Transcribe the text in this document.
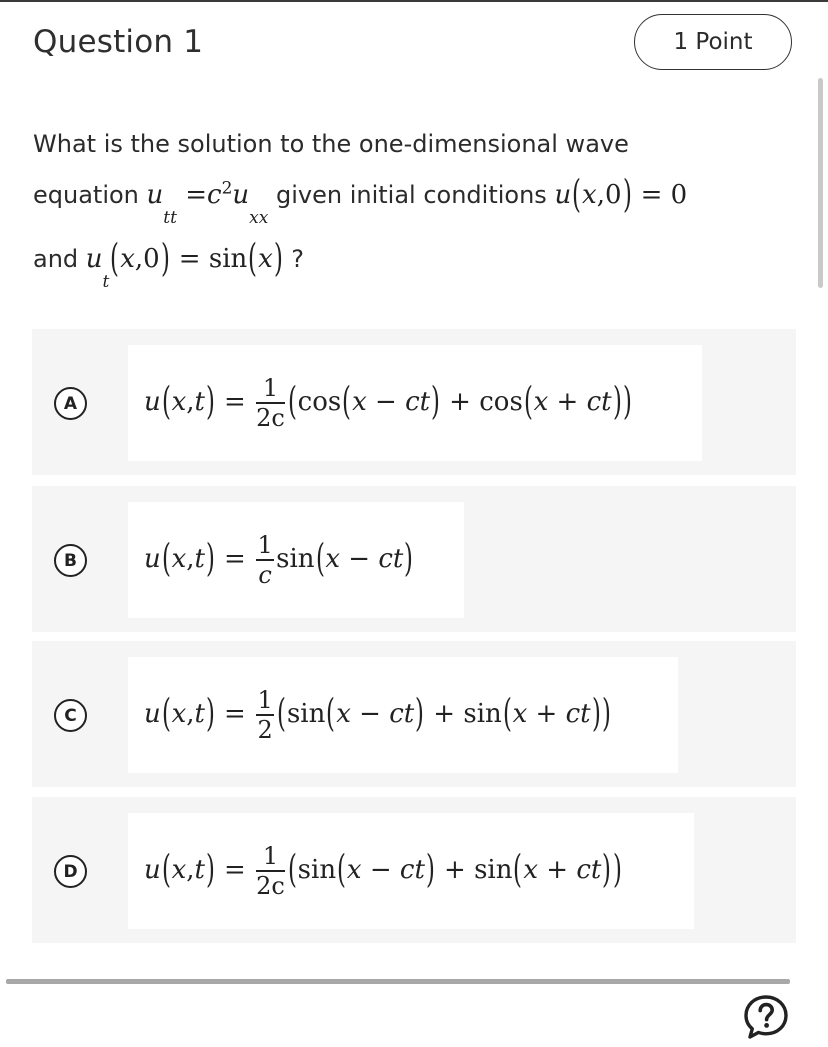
Question 1	1 Point
What is the solution to the one-dimensional wave
equation $u_{tt} =c^2u_{xx}$ given initial conditions u(x,0) = 0
and $u_t(x,0) = \sin(x)$ ?
A	$u(x,t) = \frac{1}{2c} (\cos(x - ct) + \cos(x + ct))$
B	$u(x,t) = \frac{1}{c} \sin(x - ct)$
C	$u(x,t) = \frac{1}{2} (\sin(x - ct) + \sin(x + ct))$
D	$u(x,t) = \frac{1}{2c} (\sin(x - ct) + \sin(x + ct))$
